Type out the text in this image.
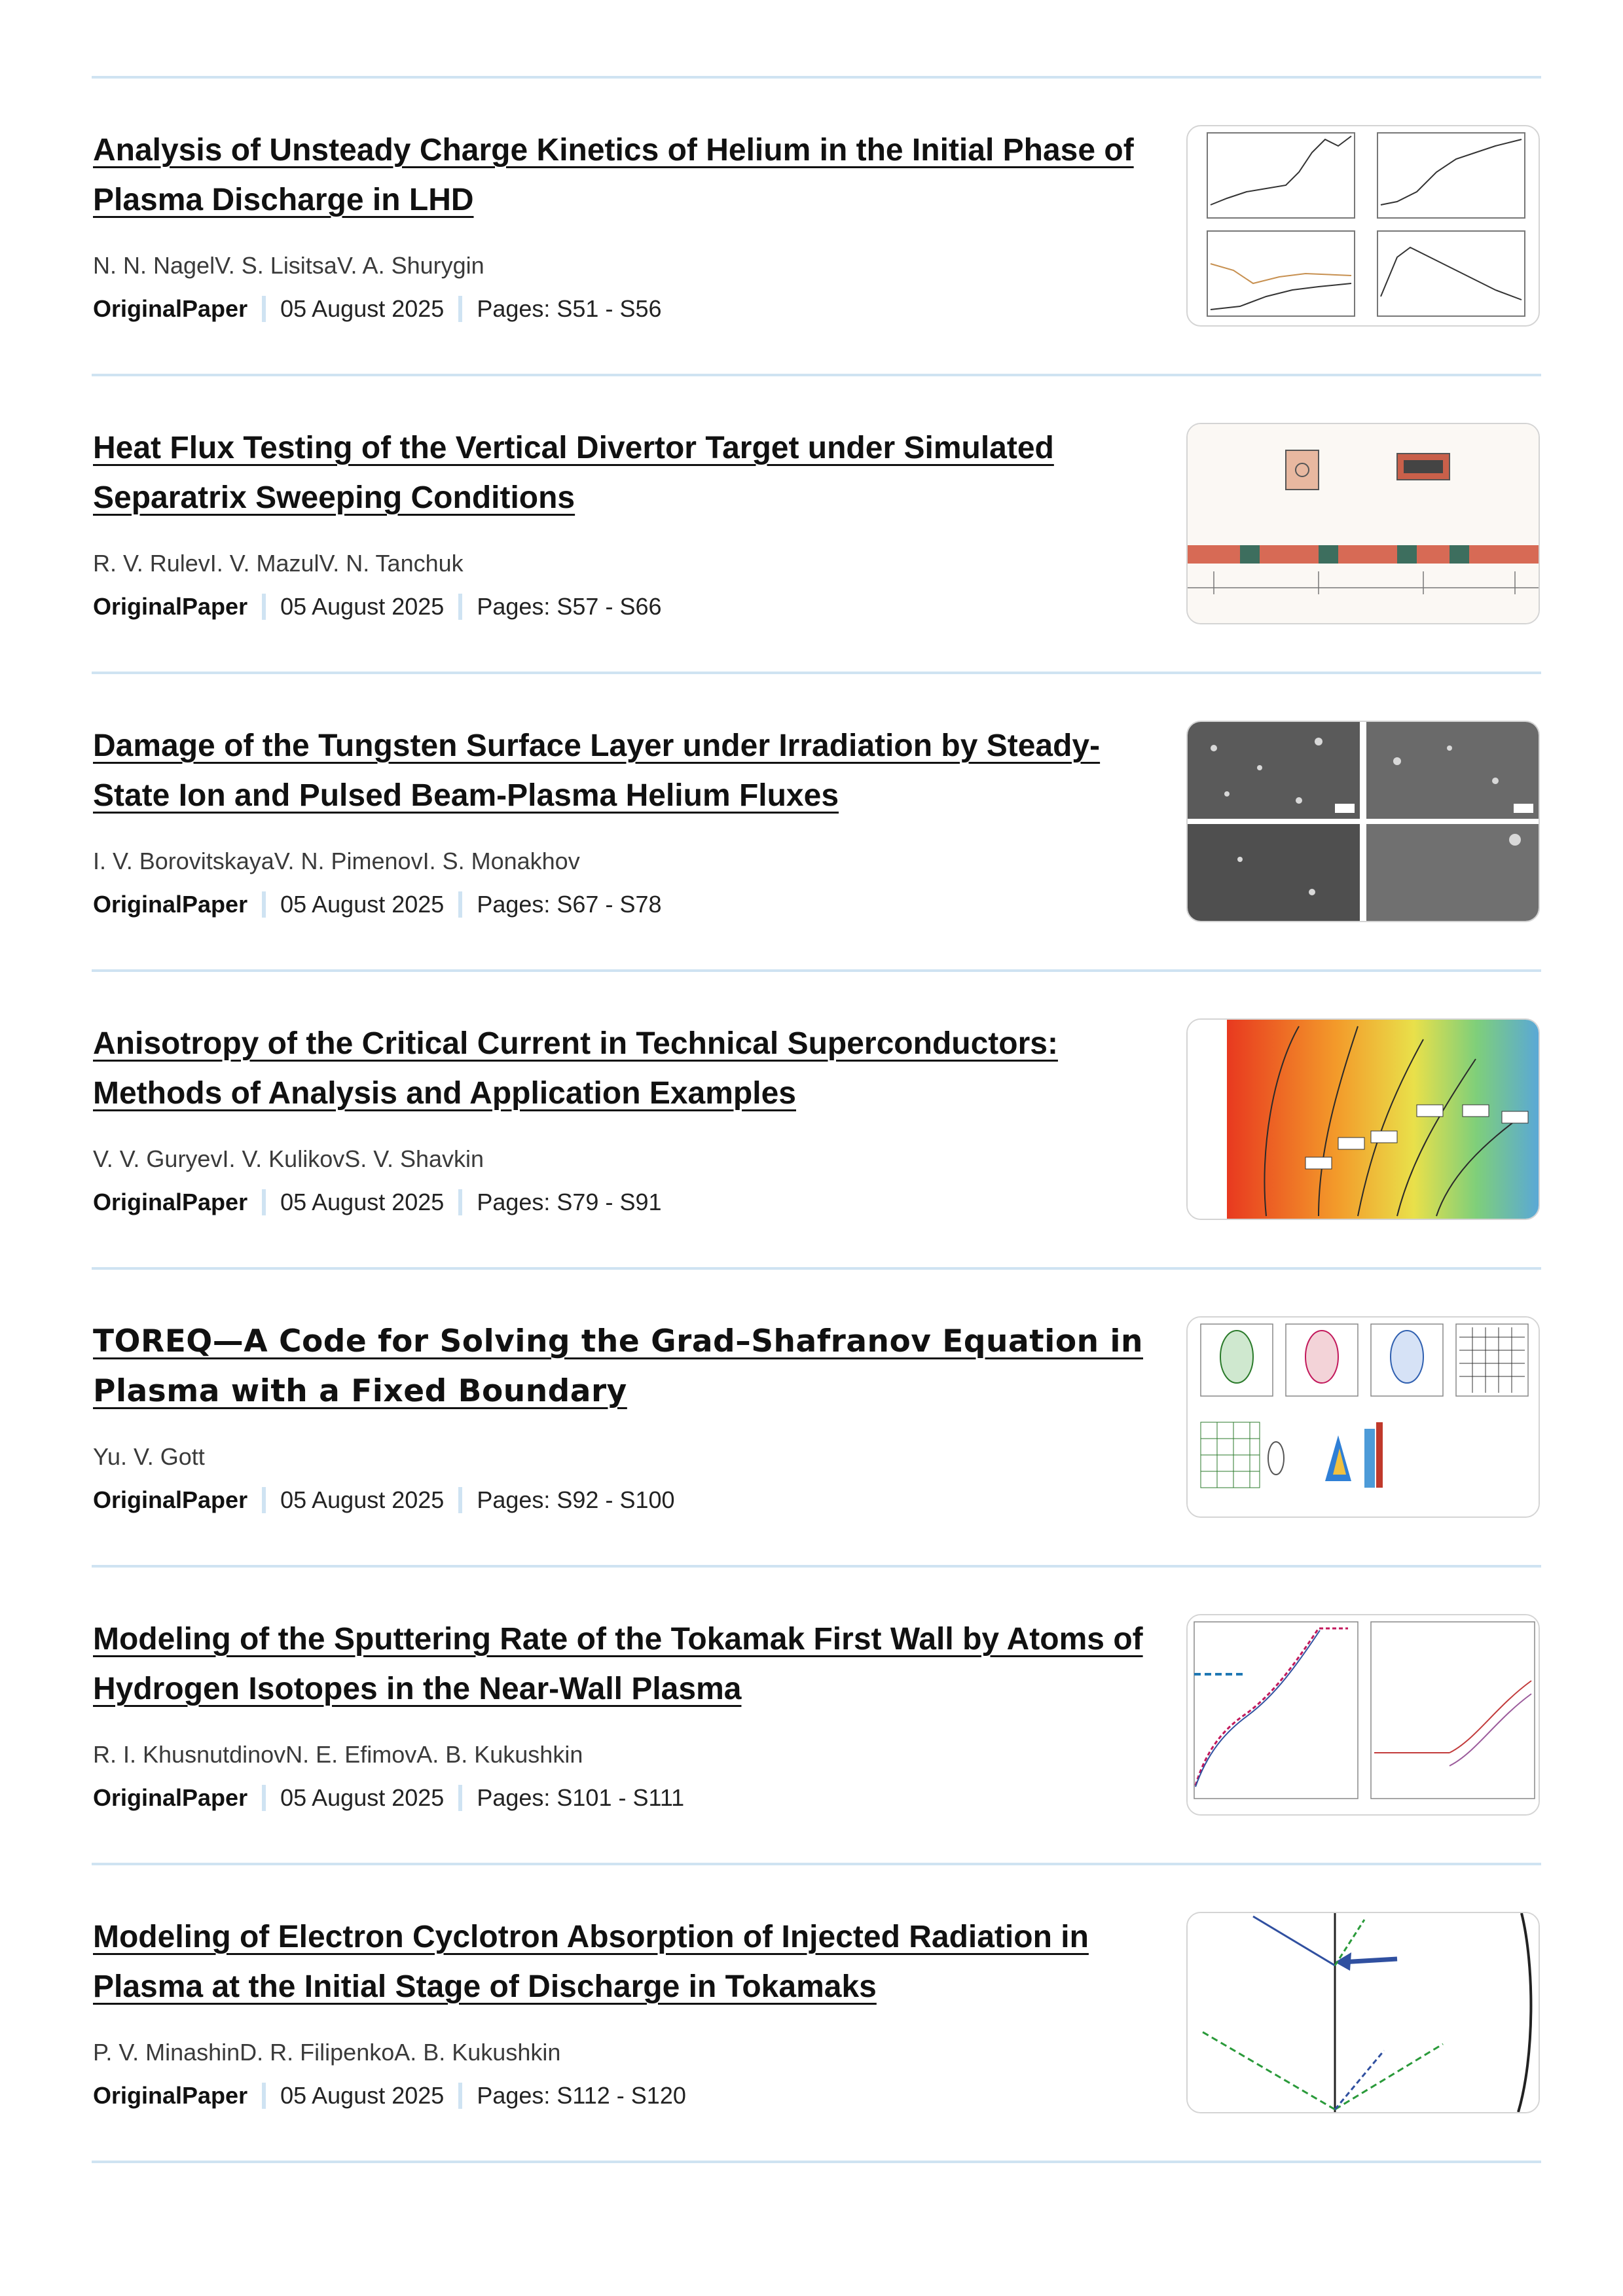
Analysis of Unsteady Charge Kinetics of Helium in the Initial Phase of Plasma Discharge in LHD
N. N. NagelV. S. LisitsaV. A. Shurygin
OriginalPaper 05 August 2025 Pages: S51 - S56
Heat Flux Testing of the Vertical Divertor Target under Simulated Separatrix Sweeping Conditions
R. V. RulevI. V. MazulV. N. Tanchuk
OriginalPaper 05 August 2025 Pages: S57 - S66
Damage of the Tungsten Surface Layer under Irradiation by Steady-State Ion and Pulsed Beam-Plasma Helium Fluxes
I. V. BorovitskayaV. N. PimenovI. S. Monakhov
OriginalPaper 05 August 2025 Pages: S67 - S78
Anisotropy of the Critical Current in Technical Superconductors: Methods of Analysis and Application Examples
V. V. GuryevI. V. KulikovS. V. Shavkin
OriginalPaper 05 August 2025 Pages: S79 - S91
TOREQ—A Code for Solving the Grad–Shafranov Equation in Plasma with a Fixed Boundary
Yu. V. Gott
OriginalPaper 05 August 2025 Pages: S92 - S100
Modeling of the Sputtering Rate of the Tokamak First Wall by Atoms of Hydrogen Isotopes in the Near-Wall Plasma
R. I. KhusnutdinovN. E. EfimovA. B. Kukushkin
OriginalPaper 05 August 2025 Pages: S101 - S111
Modeling of Electron Cyclotron Absorption of Injected Radiation in Plasma at the Initial Stage of Discharge in Tokamaks
P. V. MinashinD. R. FilipenkoA. B. Kukushkin
OriginalPaper 05 August 2025 Pages: S112 - S120
